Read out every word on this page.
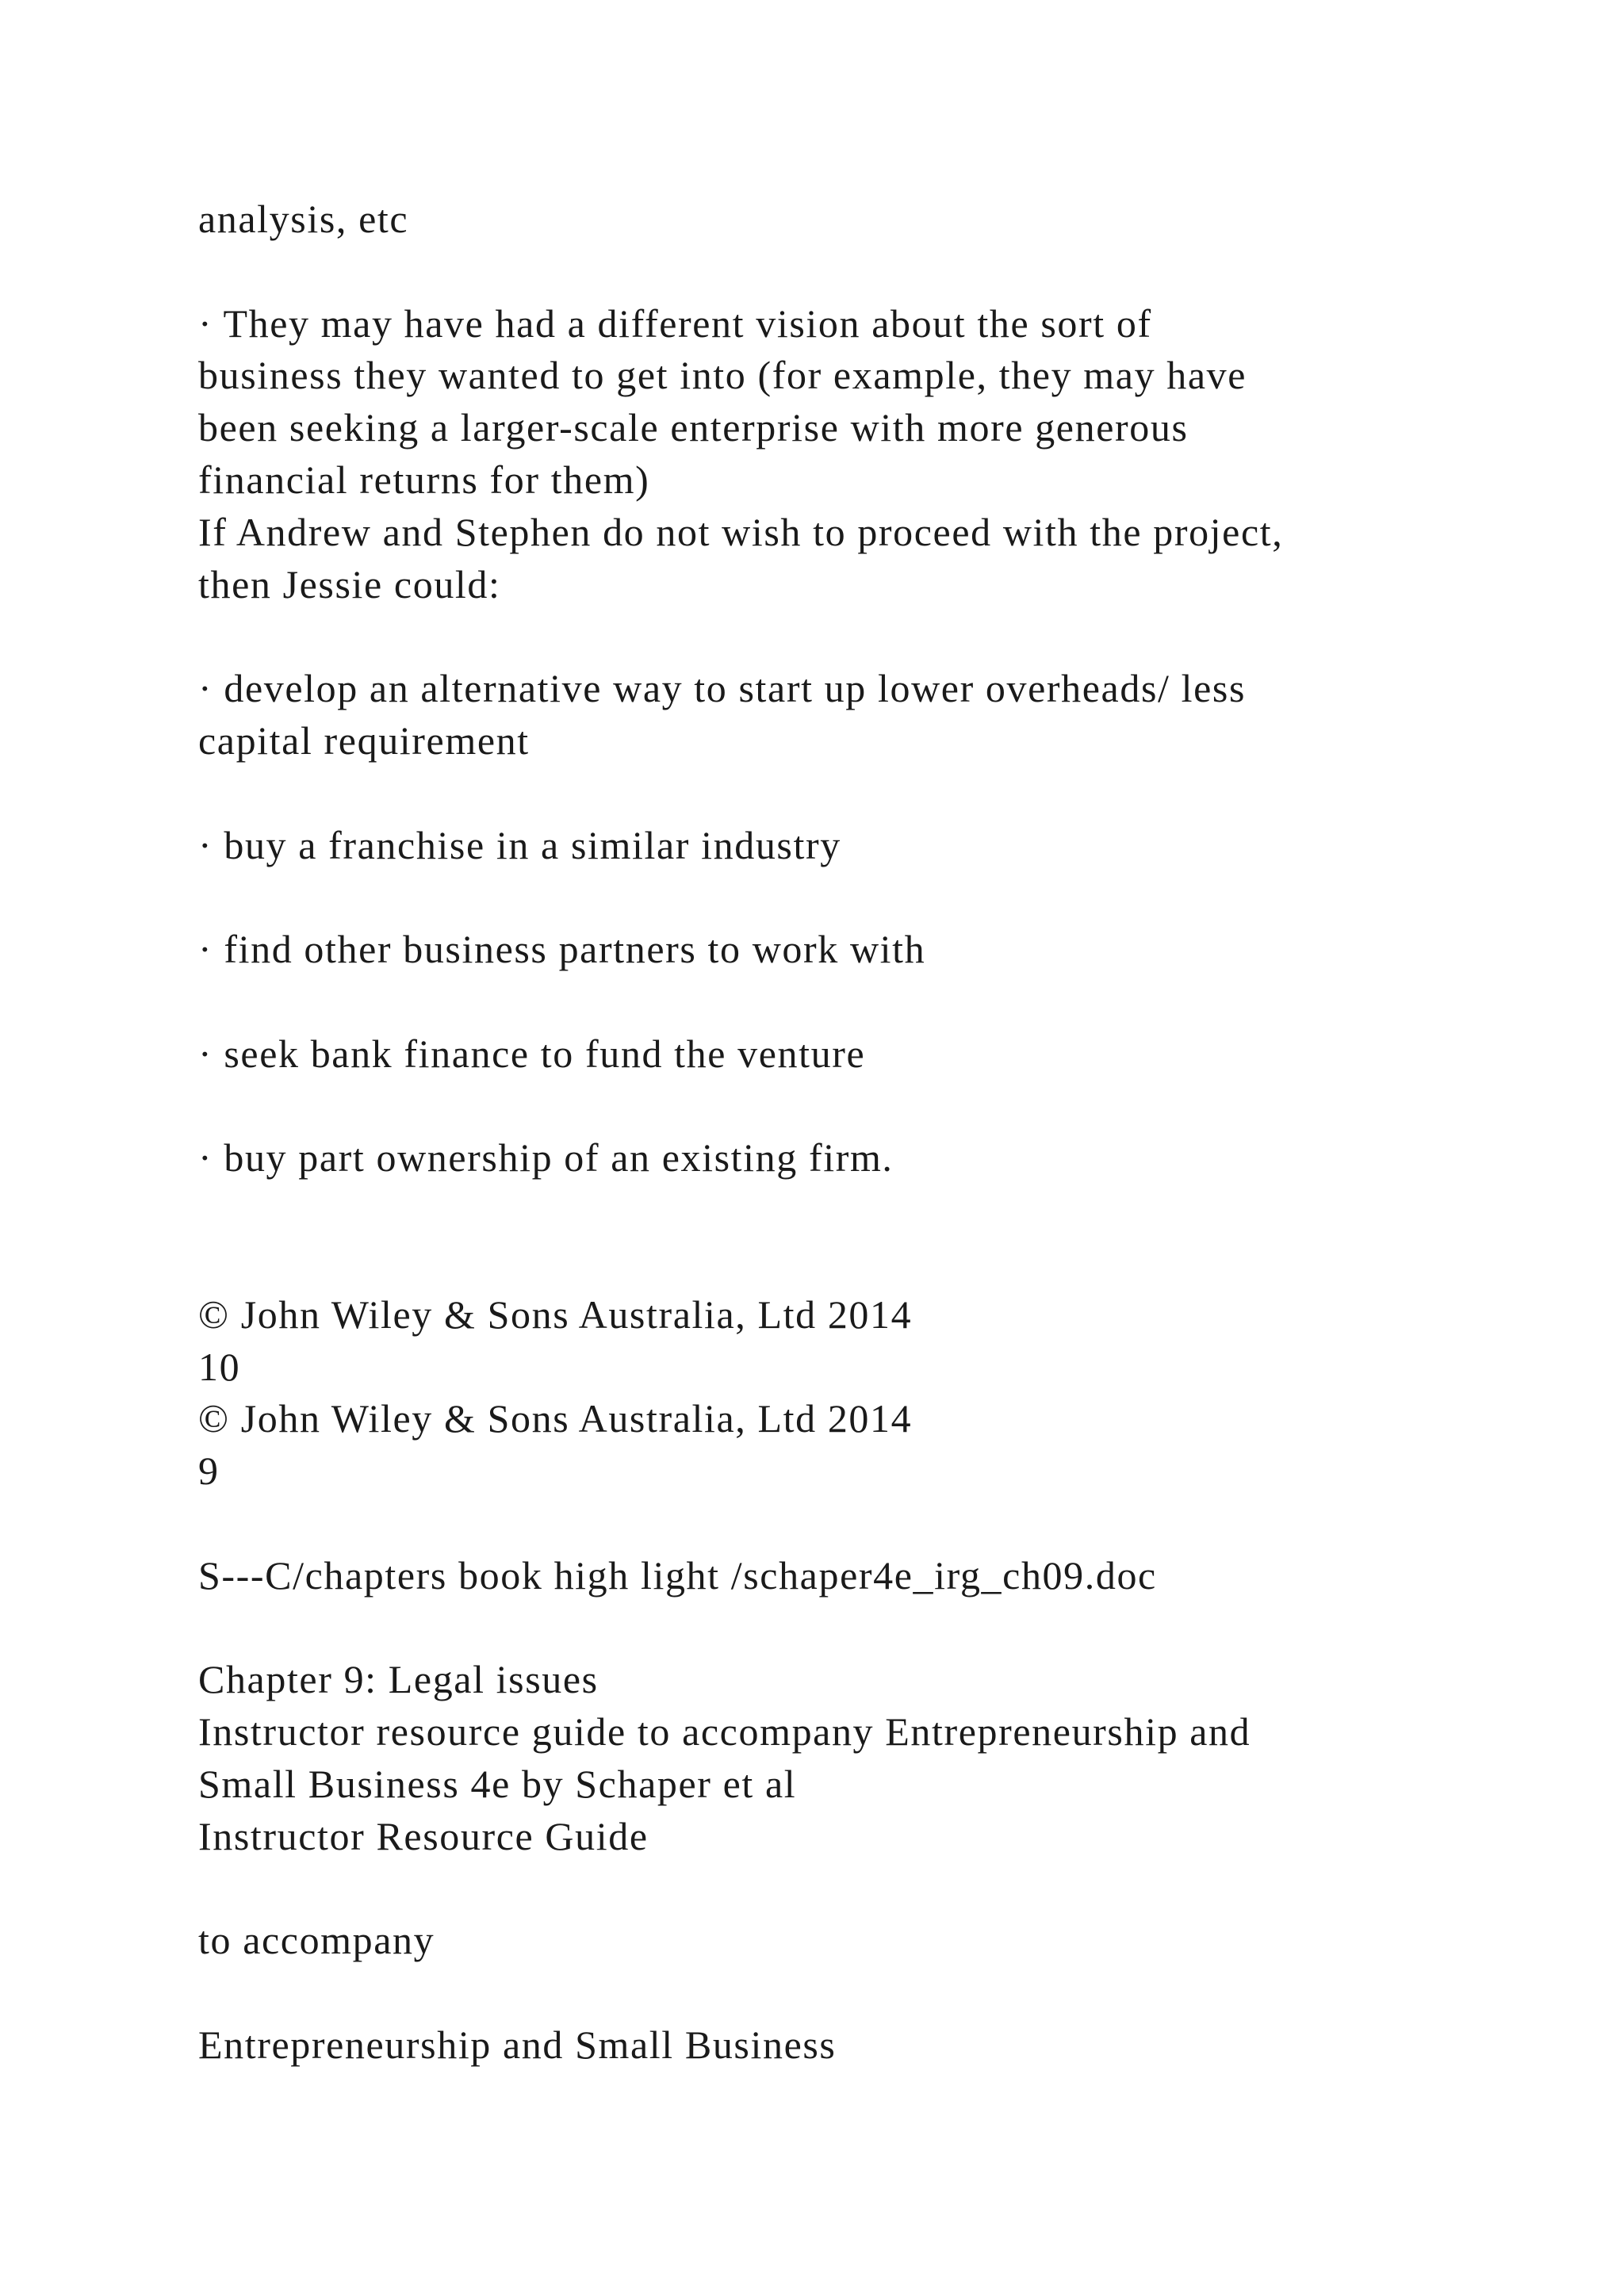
analysis, etc
· They may have had a different vision about the sort of
business they wanted to get into (for example, they may have
been seeking a larger-scale enterprise with more generous
financial returns for them)
If Andrew and Stephen do not wish to proceed with the project,
then Jessie could:
· develop an alternative way to start up lower overheads/ less
capital requirement
· buy a franchise in a similar industry
· find other business partners to work with
· seek bank finance to fund the venture
· buy part ownership of an existing firm.
© John Wiley & Sons Australia, Ltd 2014
10
© John Wiley & Sons Australia, Ltd 2014
9
S---C/chapters book high light /schaper4e_irg_ch09.doc
Chapter 9: Legal issues
Instructor resource guide to accompany Entrepreneurship and
Small Business 4e by Schaper et al
Instructor Resource Guide
to accompany
Entrepreneurship and Small Business
